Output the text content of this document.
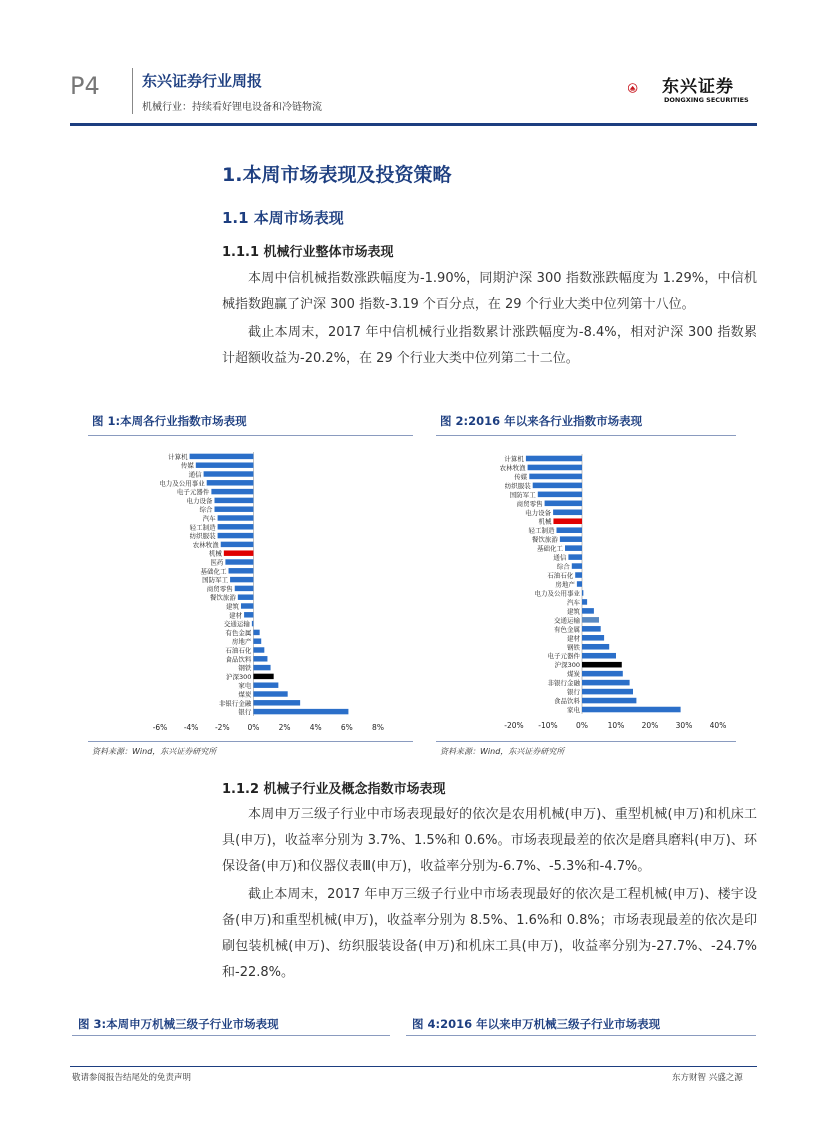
P4	东兴证券行业周报
机械行业：持续看好锂电设备和冷链物流
东兴证券
DONGXING SECURITIES
1.本周市场表现及投资策略
1.1 本周市场表现
1.1.1 机械行业整体市场表现
本周中信机械指数涨跌幅度为-1.90%，同期沪深 300 指数涨跌幅度为 1.29%，中信机械指数跑赢了沪深 300 指数-3.19 个百分点，在 29 个行业大类中位列第十八位。
截止本周末，2017 年中信机械行业指数累计涨跌幅度为-8.4%，相对沪深 300 指数累计超额收益为-20.2%，在 29 个行业大类中位列第二十二位。
图 1:本周各行业指数市场表现
计算机
传媒
通信
电力及公用事业
电子元器件
电力设备
综合
汽车
轻工制造
纺织服装
农林牧渔
机械
医药
基础化工
国防军工
商贸零售
餐饮旅游
建筑
建材
交通运输
有色金属
房地产
石油石化
食品饮料
钢铁
沪深300
家电
煤炭
非银行金融
银行
-6% -4% -2% 0%	2%	4%	6%	8%
资料来源：Wind，东兴证券研究所
图 2:2016 年以来各行业指数市场表现
计算机
农林牧渔
传媒
纺织服装
国防军工
商贸零售
电力设备
机械
轻工制造
餐饮旅游
基础化工
通信
综合
石油石化
房地产
电力及公用事业
汽车
建筑
交通运输
有色金属
建材
钢铁
电子元器件
沪深300
煤炭
非银行金融
银行
食品饮料
家电
-20% -10% 0%	10% 20% 30% 40%
资料来源：Wind，东兴证券研究所
1.1.2 机械子行业及概念指数市场表现
本周申万三级子行业中市场表现最好的依次是农用机械(申万)、重型机械(申万)和机床工具(申万)，收益率分别为 3.7%、1.5%和 0.6%。市场表现最差的依次是磨具磨料(申万)、环保设备(申万)和仪器仪表Ⅲ(申万)，收益率分别为-6.7%、-5.3%和-4.7%。
截止本周末，2017 年申万三级子行业中市场表现最好的依次是工程机械(申万)、楼宇设备(申万)和重型机械(申万)，收益率分别为 8.5%、1.6%和 0.8%；市场表现最差的依次是印刷包装机械(申万)、纺织服装设备(申万)和机床工具(申万)，收益率分别为-27.7%、-24.7%和-22.8%。
图 3:本周申万机械三级子行业市场表现	图 4:2016 年以来申万机械三级子行业市场表现
敬请参阅报告结尾处的免责声明	东方财智 兴盛之源
